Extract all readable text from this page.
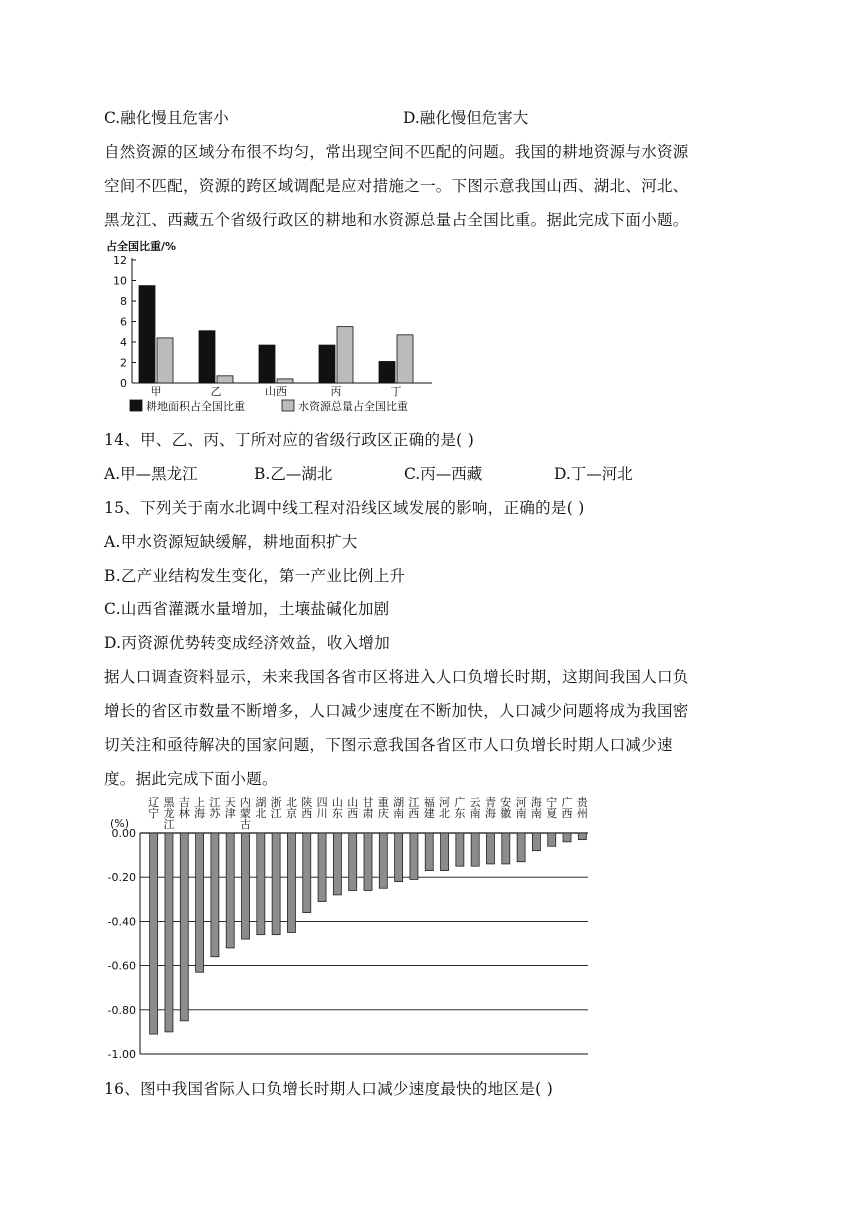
C.融化慢且危害小	D.融化慢但危害大
自然资源的区域分布很不均匀，常出现空间不匹配的问题。我国的耕地资源与水资源
空间不匹配，资源的跨区域调配是应对措施之一。下图示意我国山西、湖北、河北、
黑龙江、西藏五个省级行政区的耕地和水资源总量占全国比重。据此完成下面小题。
占全国比重/%
12
10
8
6
4
2
0
甲	乙	山西	丙	丁
耕地面积占全国比重	水资源总量占全国比重
14、甲、乙、丙、丁所对应的省级行政区正确的是( )
A.甲—黑龙江	B.乙—湖北	C.丙—西藏	D.丁—河北
15、下列关于南水北调中线工程对沿线区域发展的影响，正确的是( )
A.甲水资源短缺缓解，耕地面积扩大
B.乙产业结构发生变化，第一产业比例上升
C.山西省灌溉水量增加，土壤盐碱化加剧
D.丙资源优势转变成经济效益，收入增加
据人口调查资料显示，未来我国各省市区将进入人口负增长时期，这期间我国人口负
增长的省区市数量不断增多，人口减少速度在不断加快，人口减少问题将成为我国密
切关注和亟待解决的国家问题，下图示意我国各省区市人口负增长时期人口减少速
度。据此完成下面小题。
(%)
0.00
-0.20
-0.40
-0.60
-0.80
-1.00
辽
宁
黑
龙
江
吉
林
上
海
江
苏
天
津
内
蒙
古
湖
北
浙
江
北
京
陕
西
四
川
山
东
山
西
甘
肃
重
庆
湖
南
江
西
福
建
河
北
广
东
云
南
青
海
安
徽
河
南
海
南
宁
夏
广
西
贵
州
16、图中我国省际人口负增长时期人口减少速度最快的地区是( )
